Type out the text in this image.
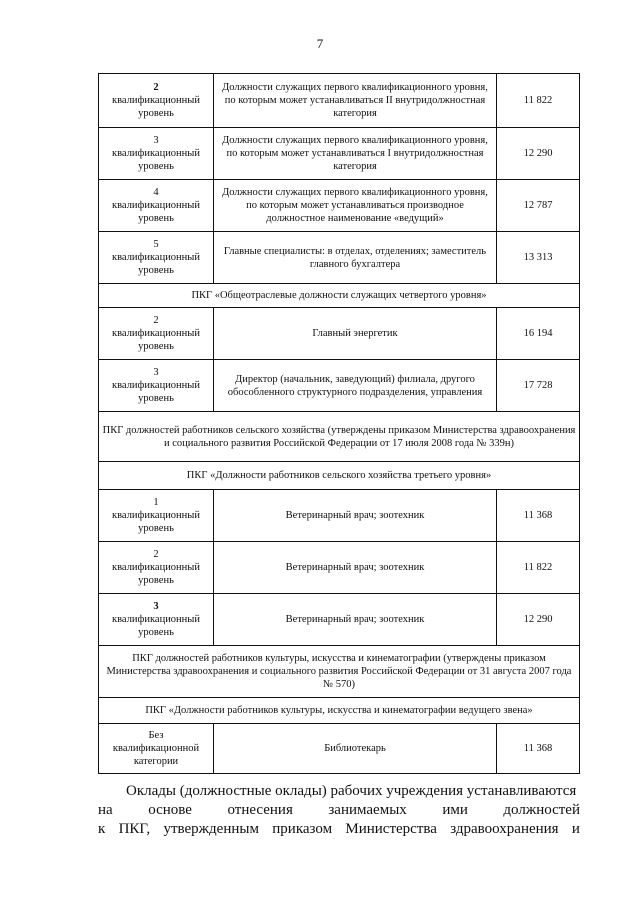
7
2
квалификационный уровень	Должности служащих первого квалификационного уровня, по которым может устанавливаться II внутридолжностная категория	11 822

3
квалификационный уровень	Должности служащих первого квалификационного уровня, по которым может устанавливаться I внутридолжностная категория	12 290

4
квалификационный уровень	Должности служащих первого квалификационного уровня, по которым может устанавливаться производное должностное наименование «ведущий»	12 787

5
квалификационный уровень	Главные специалисты: в отделах, отделениях; заместитель главного бухгалтера	13 313
ПКГ «Общеотраслевые должности служащих четвертого уровня»		

2
квалификационный уровень	Главный энергетик	16 194

3
квалификационный уровень	Директор (начальник, заведующий) филиала, другого обособленного структурного подразделения, управления	17 728
ПКГ должностей работников сельского хозяйства (утверждены приказом Министерства здравоохранения и социального развития Российской Федерации от 17 июля 2008 года № 339н)		
ПКГ «Должности работников сельского хозяйства третьего уровня»		

1
квалификационный уровень	Ветеринарный врач; зоотехник	11 368

2
квалификационный уровень	Ветеринарный врач; зоотехник	11 822

3
квалификационный уровень	Ветеринарный врач; зоотехник	12 290
ПКГ должностей работников культуры, искусства и кинематографии (утверждены приказом Министерства здравоохранения и социального развития Российской Федерации от 31 августа 2007 года № 570)		
ПКГ «Должности работников культуры, искусства и кинематографии ведущего звена»		

Без
квалификационной категории	Библиотекарь	11 368
Оклады (должностные оклады) рабочих учреждения устанавливаются
на основе отнесения занимаемых ими должностей
к ПКГ, утвержденным приказом Министерства здравоохранения и
